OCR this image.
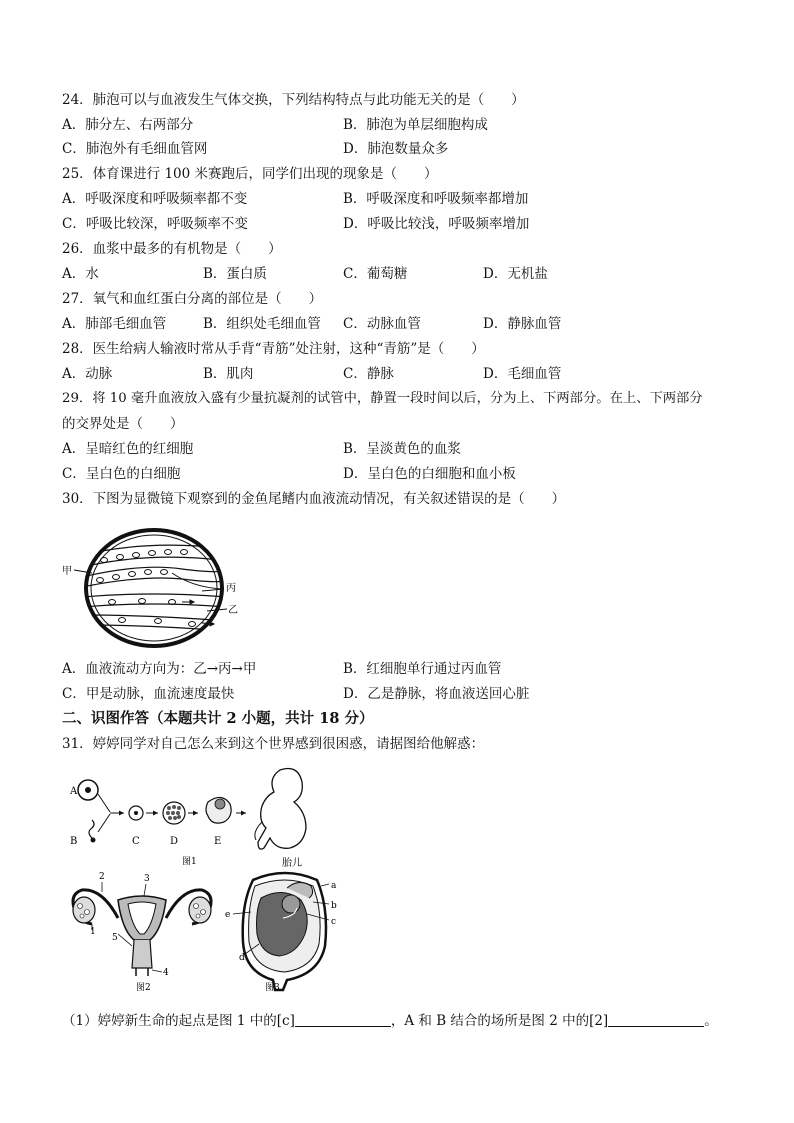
24．肺泡可以与血液发生气体交换，下列结构特点与此功能无关的是（　　）
A．肺分左、右两部分	B．肺泡为单层细胞构成
C．肺泡外有毛细血管网	D．肺泡数量众多
25．体育课进行 100 米赛跑后，同学们出现的现象是（　　）
A．呼吸深度和呼吸频率都不变	B．呼吸深度和呼吸频率都增加
C．呼吸比较深，呼吸频率不变	D．呼吸比较浅，呼吸频率增加
26．血浆中最多的有机物是（　　）
A．水	B．蛋白质	C．葡萄糖	D．无机盐
27．氧气和血红蛋白分离的部位是（　　）
A．肺部毛细血管	B．组织处毛细血管 C．动脉血管	D．静脉血管
28．医生给病人输液时常从手背“青筋”处注射，这种“青筋”是（　　）
A．动脉	B．肌肉	C．静脉	D．毛细血管
29．将 10 毫升血液放入盛有少量抗凝剂的试管中，静置一段时间以后，分为上、下两部分。在上、下两部分
的交界处是（　　）
A．呈暗红色的红细胞	B．呈淡黄色的血浆
C．呈白色的白细胞	D．呈白色的白细胞和血小板
30．下图为显微镜下观察到的金鱼尾鳍内血液流动情况，有关叙述错误的是（　　）
甲
丙
乙
A．血液流动方向为：乙→丙→甲	B．红细胞单行通过丙血管
C．甲是动脉，血流速度最快	D．乙是静脉，将血液送回心脏
二、识图作答（本题共计 2 小题，共计 18 分）
31．婷婷同学对自己怎么来到这个世界感到很困惑，请据图给他解惑：
A
B	C	D	E
胎儿
图1
1
2	3
4
5
图2
a
b
c
d
e
图3
（1）婷婷新生命的起点是图 1 中的[c]	，A 和 B 结合的场所是图 2 中的[2]	。
